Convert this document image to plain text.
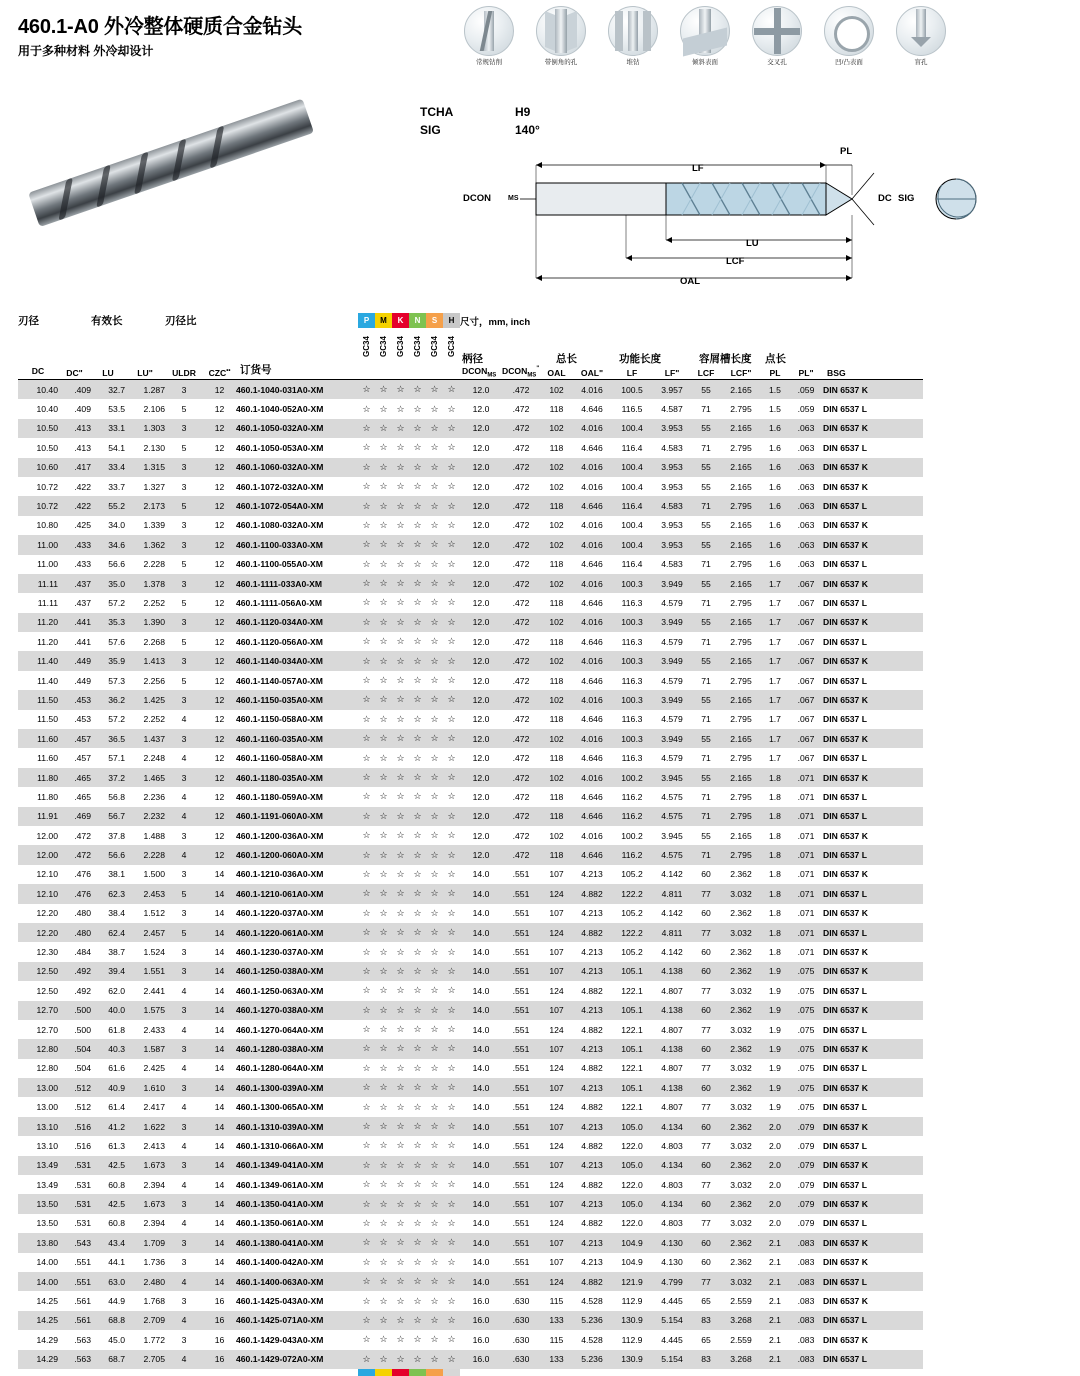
460.1-A0 外冷整体硬质合金钻头
用于多种材料 外冷却设计
常规钻削	带倒角的孔	堆钻	倾斜表面	交叉孔	凹/凸表面	盲孔
TCHA	H9
SIG	140°
LF
PL
DCON MS
LU
LCF
OAL
DC SIG
刃径		有效长		刃径比		订货号	P	M	K	N	S	H	尺寸，mm, inch										
							GC34	GC34	GC34	GC34	GC34	GC34	柄径		总长		功能长度		容屑槽长度		点长		
DC	DC"	LU	LU"	ULDR	CZC••								$DCON_{MS}$	$DCON_{MS}^"$	OAL	OAL"	LF	LF"	LCF	LCF"	PL	PL"	BSG
10.40	.409	32.7	1.287	3	12	460.1-1040-031A0-XM	☆	☆	☆	☆	☆	☆	12.0	.472	102	4.016	100.5	3.957	55	2.165	1.5	.059	DIN 6537 K
10.40	.409	53.5	2.106	5	12	460.1-1040-052A0-XM	☆	☆	☆	☆	☆	☆	12.0	.472	118	4.646	116.5	4.587	71	2.795	1.5	.059	DIN 6537 L
10.50	.413	33.1	1.303	3	12	460.1-1050-032A0-XM	☆	☆	☆	☆	☆	☆	12.0	.472	102	4.016	100.4	3.953	55	2.165	1.6	.063	DIN 6537 K
10.50	.413	54.1	2.130	5	12	460.1-1050-053A0-XM	☆	☆	☆	☆	☆	☆	12.0	.472	118	4.646	116.4	4.583	71	2.795	1.6	.063	DIN 6537 L
10.60	.417	33.4	1.315	3	12	460.1-1060-032A0-XM	☆	☆	☆	☆	☆	☆	12.0	.472	102	4.016	100.4	3.953	55	2.165	1.6	.063	DIN 6537 K
10.72	.422	33.7	1.327	3	12	460.1-1072-032A0-XM	☆	☆	☆	☆	☆	☆	12.0	.472	102	4.016	100.4	3.953	55	2.165	1.6	.063	DIN 6537 K
10.72	.422	55.2	2.173	5	12	460.1-1072-054A0-XM	☆	☆	☆	☆	☆	☆	12.0	.472	118	4.646	116.4	4.583	71	2.795	1.6	.063	DIN 6537 L
10.80	.425	34.0	1.339	3	12	460.1-1080-032A0-XM	☆	☆	☆	☆	☆	☆	12.0	.472	102	4.016	100.4	3.953	55	2.165	1.6	.063	DIN 6537 K
11.00	.433	34.6	1.362	3	12	460.1-1100-033A0-XM	☆	☆	☆	☆	☆	☆	12.0	.472	102	4.016	100.4	3.953	55	2.165	1.6	.063	DIN 6537 K
11.00	.433	56.6	2.228	5	12	460.1-1100-055A0-XM	☆	☆	☆	☆	☆	☆	12.0	.472	118	4.646	116.4	4.583	71	2.795	1.6	.063	DIN 6537 L
11.11	.437	35.0	1.378	3	12	460.1-1111-033A0-XM	☆	☆	☆	☆	☆	☆	12.0	.472	102	4.016	100.3	3.949	55	2.165	1.7	.067	DIN 6537 K
11.11	.437	57.2	2.252	5	12	460.1-1111-056A0-XM	☆	☆	☆	☆	☆	☆	12.0	.472	118	4.646	116.3	4.579	71	2.795	1.7	.067	DIN 6537 L
11.20	.441	35.3	1.390	3	12	460.1-1120-034A0-XM	☆	☆	☆	☆	☆	☆	12.0	.472	102	4.016	100.3	3.949	55	2.165	1.7	.067	DIN 6537 K
11.20	.441	57.6	2.268	5	12	460.1-1120-056A0-XM	☆	☆	☆	☆	☆	☆	12.0	.472	118	4.646	116.3	4.579	71	2.795	1.7	.067	DIN 6537 L
11.40	.449	35.9	1.413	3	12	460.1-1140-034A0-XM	☆	☆	☆	☆	☆	☆	12.0	.472	102	4.016	100.3	3.949	55	2.165	1.7	.067	DIN 6537 K
11.40	.449	57.3	2.256	5	12	460.1-1140-057A0-XM	☆	☆	☆	☆	☆	☆	12.0	.472	118	4.646	116.3	4.579	71	2.795	1.7	.067	DIN 6537 L
11.50	.453	36.2	1.425	3	12	460.1-1150-035A0-XM	☆	☆	☆	☆	☆	☆	12.0	.472	102	4.016	100.3	3.949	55	2.165	1.7	.067	DIN 6537 K
11.50	.453	57.2	2.252	4	12	460.1-1150-058A0-XM	☆	☆	☆	☆	☆	☆	12.0	.472	118	4.646	116.3	4.579	71	2.795	1.7	.067	DIN 6537 L
11.60	.457	36.5	1.437	3	12	460.1-1160-035A0-XM	☆	☆	☆	☆	☆	☆	12.0	.472	102	4.016	100.3	3.949	55	2.165	1.7	.067	DIN 6537 K
11.60	.457	57.1	2.248	4	12	460.1-1160-058A0-XM	☆	☆	☆	☆	☆	☆	12.0	.472	118	4.646	116.3	4.579	71	2.795	1.7	.067	DIN 6537 L
11.80	.465	37.2	1.465	3	12	460.1-1180-035A0-XM	☆	☆	☆	☆	☆	☆	12.0	.472	102	4.016	100.2	3.945	55	2.165	1.8	.071	DIN 6537 K
11.80	.465	56.8	2.236	4	12	460.1-1180-059A0-XM	☆	☆	☆	☆	☆	☆	12.0	.472	118	4.646	116.2	4.575	71	2.795	1.8	.071	DIN 6537 L
11.91	.469	56.7	2.232	4	12	460.1-1191-060A0-XM	☆	☆	☆	☆	☆	☆	12.0	.472	118	4.646	116.2	4.575	71	2.795	1.8	.071	DIN 6537 L
12.00	.472	37.8	1.488	3	12	460.1-1200-036A0-XM	☆	☆	☆	☆	☆	☆	12.0	.472	102	4.016	100.2	3.945	55	2.165	1.8	.071	DIN 6537 K
12.00	.472	56.6	2.228	4	12	460.1-1200-060A0-XM	☆	☆	☆	☆	☆	☆	12.0	.472	118	4.646	116.2	4.575	71	2.795	1.8	.071	DIN 6537 L
12.10	.476	38.1	1.500	3	14	460.1-1210-036A0-XM	☆	☆	☆	☆	☆	☆	14.0	.551	107	4.213	105.2	4.142	60	2.362	1.8	.071	DIN 6537 K
12.10	.476	62.3	2.453	5	14	460.1-1210-061A0-XM	☆	☆	☆	☆	☆	☆	14.0	.551	124	4.882	122.2	4.811	77	3.032	1.8	.071	DIN 6537 L
12.20	.480	38.4	1.512	3	14	460.1-1220-037A0-XM	☆	☆	☆	☆	☆	☆	14.0	.551	107	4.213	105.2	4.142	60	2.362	1.8	.071	DIN 6537 K
12.20	.480	62.4	2.457	5	14	460.1-1220-061A0-XM	☆	☆	☆	☆	☆	☆	14.0	.551	124	4.882	122.2	4.811	77	3.032	1.8	.071	DIN 6537 L
12.30	.484	38.7	1.524	3	14	460.1-1230-037A0-XM	☆	☆	☆	☆	☆	☆	14.0	.551	107	4.213	105.2	4.142	60	2.362	1.8	.071	DIN 6537 K
12.50	.492	39.4	1.551	3	14	460.1-1250-038A0-XM	☆	☆	☆	☆	☆	☆	14.0	.551	107	4.213	105.1	4.138	60	2.362	1.9	.075	DIN 6537 K
12.50	.492	62.0	2.441	4	14	460.1-1250-063A0-XM	☆	☆	☆	☆	☆	☆	14.0	.551	124	4.882	122.1	4.807	77	3.032	1.9	.075	DIN 6537 L
12.70	.500	40.0	1.575	3	14	460.1-1270-038A0-XM	☆	☆	☆	☆	☆	☆	14.0	.551	107	4.213	105.1	4.138	60	2.362	1.9	.075	DIN 6537 K
12.70	.500	61.8	2.433	4	14	460.1-1270-064A0-XM	☆	☆	☆	☆	☆	☆	14.0	.551	124	4.882	122.1	4.807	77	3.032	1.9	.075	DIN 6537 L
12.80	.504	40.3	1.587	3	14	460.1-1280-038A0-XM	☆	☆	☆	☆	☆	☆	14.0	.551	107	4.213	105.1	4.138	60	2.362	1.9	.075	DIN 6537 K
12.80	.504	61.6	2.425	4	14	460.1-1280-064A0-XM	☆	☆	☆	☆	☆	☆	14.0	.551	124	4.882	122.1	4.807	77	3.032	1.9	.075	DIN 6537 L
13.00	.512	40.9	1.610	3	14	460.1-1300-039A0-XM	☆	☆	☆	☆	☆	☆	14.0	.551	107	4.213	105.1	4.138	60	2.362	1.9	.075	DIN 6537 K
13.00	.512	61.4	2.417	4	14	460.1-1300-065A0-XM	☆	☆	☆	☆	☆	☆	14.0	.551	124	4.882	122.1	4.807	77	3.032	1.9	.075	DIN 6537 L
13.10	.516	41.2	1.622	3	14	460.1-1310-039A0-XM	☆	☆	☆	☆	☆	☆	14.0	.551	107	4.213	105.0	4.134	60	2.362	2.0	.079	DIN 6537 K
13.10	.516	61.3	2.413	4	14	460.1-1310-066A0-XM	☆	☆	☆	☆	☆	☆	14.0	.551	124	4.882	122.0	4.803	77	3.032	2.0	.079	DIN 6537 L
13.49	.531	42.5	1.673	3	14	460.1-1349-041A0-XM	☆	☆	☆	☆	☆	☆	14.0	.551	107	4.213	105.0	4.134	60	2.362	2.0	.079	DIN 6537 K
13.49	.531	60.8	2.394	4	14	460.1-1349-061A0-XM	☆	☆	☆	☆	☆	☆	14.0	.551	124	4.882	122.0	4.803	77	3.032	2.0	.079	DIN 6537 L
13.50	.531	42.5	1.673	3	14	460.1-1350-041A0-XM	☆	☆	☆	☆	☆	☆	14.0	.551	107	4.213	105.0	4.134	60	2.362	2.0	.079	DIN 6537 K
13.50	.531	60.8	2.394	4	14	460.1-1350-061A0-XM	☆	☆	☆	☆	☆	☆	14.0	.551	124	4.882	122.0	4.803	77	3.032	2.0	.079	DIN 6537 L
13.80	.543	43.4	1.709	3	14	460.1-1380-041A0-XM	☆	☆	☆	☆	☆	☆	14.0	.551	107	4.213	104.9	4.130	60	2.362	2.1	.083	DIN 6537 K
14.00	.551	44.1	1.736	3	14	460.1-1400-042A0-XM	☆	☆	☆	☆	☆	☆	14.0	.551	107	4.213	104.9	4.130	60	2.362	2.1	.083	DIN 6537 K
14.00	.551	63.0	2.480	4	14	460.1-1400-063A0-XM	☆	☆	☆	☆	☆	☆	14.0	.551	124	4.882	121.9	4.799	77	3.032	2.1	.083	DIN 6537 L
14.25	.561	44.9	1.768	3	16	460.1-1425-043A0-XM	☆	☆	☆	☆	☆	☆	16.0	.630	115	4.528	112.9	4.445	65	2.559	2.1	.083	DIN 6537 K
14.25	.561	68.8	2.709	4	16	460.1-1425-071A0-XM	☆	☆	☆	☆	☆	☆	16.0	.630	133	5.236	130.9	5.154	83	3.268	2.1	.083	DIN 6537 L
14.29	.563	45.0	1.772	3	16	460.1-1429-043A0-XM	☆	☆	☆	☆	☆	☆	16.0	.630	115	4.528	112.9	4.445	65	2.559	2.1	.083	DIN 6537 K
14.29	.563	68.7	2.705	4	16	460.1-1429-072A0-XM	☆	☆	☆	☆	☆	☆	16.0	.630	133	5.236	130.9	5.154	83	3.268	2.1	.083	DIN 6537 L
